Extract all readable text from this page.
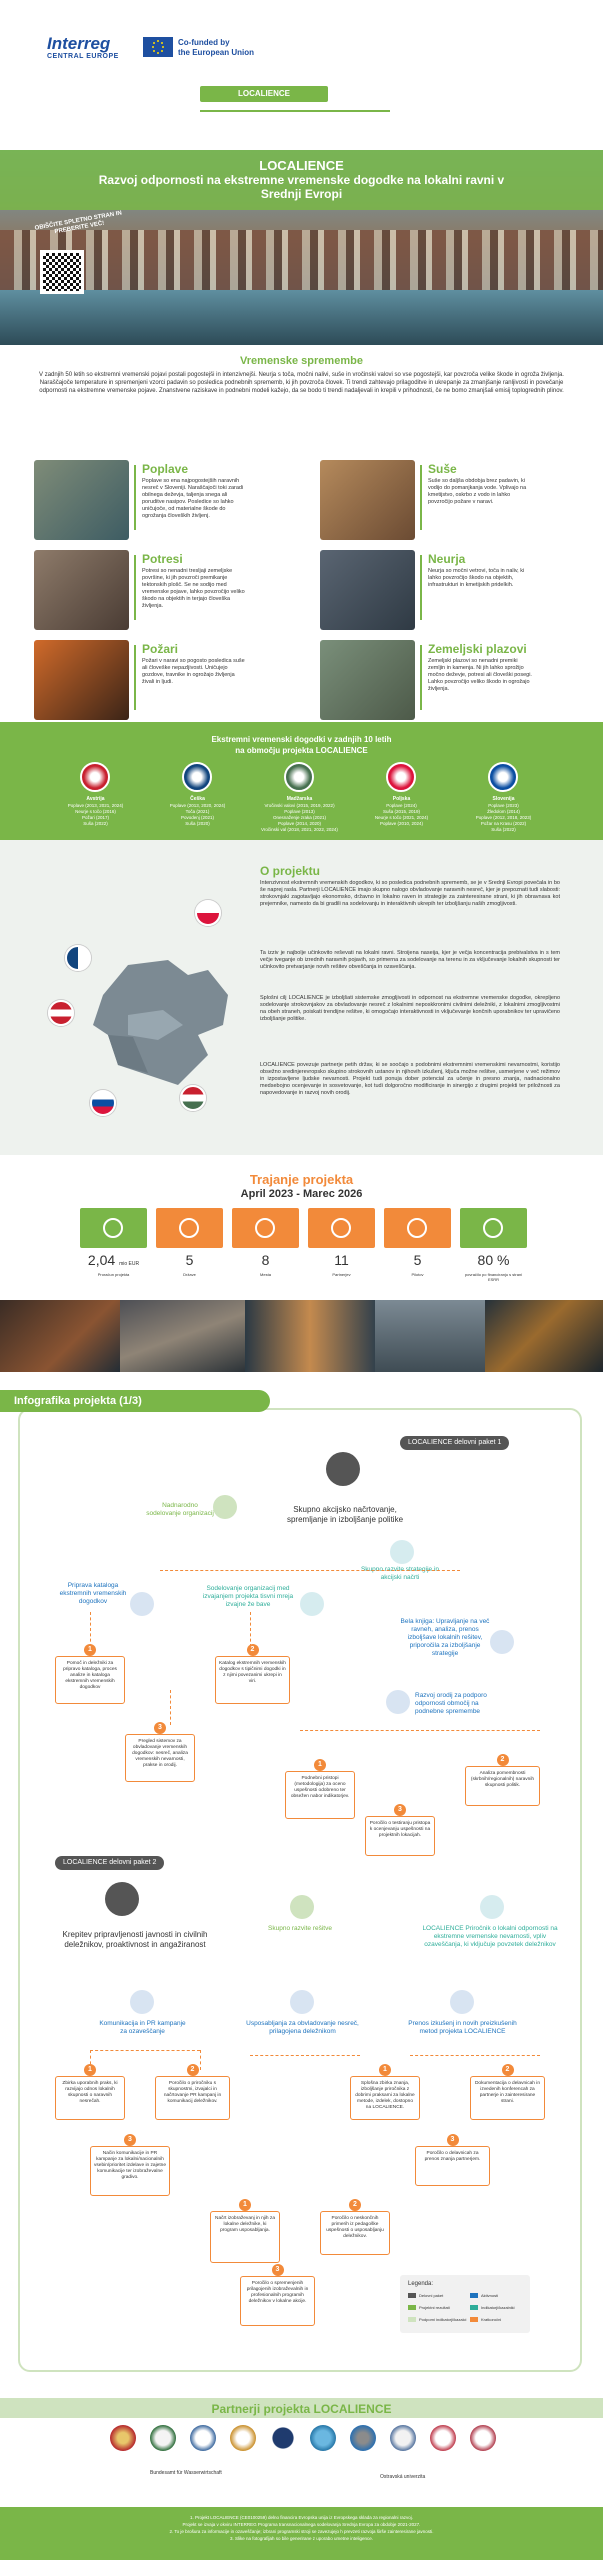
Interreg
CENTRAL EUROPE
Co-funded by
the European Union
LOCALIENCE
LOCALIENCE
Razvoj odpornosti na ekstremne vremenske dogodke na lokalni ravni v Srednji Evropi
OBIŠČITE SPLETNO STRAN IN PREBERITE VEČ!
Vremenske spremembe
V zadnjih 50 letih so ekstremni vremenski pojavi postali pogostejši in intenzivnejši. Neurja s toča, močni nalivi, suše in vročinski valovi so vse pogostejši, kar povzroča velike škode in ogroža življenja. Naraščajoče temperature in spremenjeni vzorci padavin so posledica podnebnih sprememb, ki jih povzroča človek. Ti trendi zahtevajo prilagoditve in ukrepanje za zmanjšanje ranljivosti in povečanje odpornosti na ekstremne vremenske pojave. Znanstvene raziskave in podnebni modeli kažejo, da se bodo ti trendi nadaljevali in krepili v prihodnosti, če ne bomo zmanjšali emisij toplogrednih plinov.
Poplave
Poplave so ena najpogostejših naravnih nesreč v Sloveniji. Naraščajoči toki zaradi obilnega deževja, taljenja snega ali poruditve nasipov. Posledice so lahko uničujoče, od materialne škode do ogrožanja človeških življenj.
Suše
Suše so daljša obdobja brez padavin, ki vodijo do pomanjkanja vode. Vplivajo na kmetijstvo, oskrbo z vodo in lahko povzročijo požare v naravi.
Potresi
Potresi so nenadni tresljaji zemeljske površine, ki jih povzroči premikanje tektonskih plošč. Se ne sodijo med vremenske pojave, lahko povzročijo veliko škodo na objektih in terjajo človeška življenja.
Neurja
Neurja so močni vetrovi, toča in naliv, ki lahko povzročijo škodo na objektih, infrastrukturi in kmetijskih pridelkih.
Požari
Požari v naravi so pogosto posledica suše ali človeške nepazljivosti. Uničujejo gozdove, travnike in ogrožajo življenja živali in ljudi.
Zemeljski plazovi
Zemeljski plazovi so nenadni premiki zemljin in kamenja. Ni jih lahko sprožijo močno deževje, potresi ali človeški posegi. Lahko povzročijo veliko škodo in ogrožajo življenja.
Ekstremni vremenski dogodki v zadnjih 10 letih
na območju projekta LOCALIENCE
Avstrija
Poplave (2013, 2021, 2024)
Neurje s točo (2016)
Požari (2017)
Suša (2022)
Češka
Poplave (2013, 2020, 2024)
Toča (2021)
Povodenj (2021)
Suša (2020)
Madžarska
Vročinski valovi (2015, 2019, 2022)
Poplave (2013)
Onesnaženje zraka (2021)
Poplave (2014, 2020)
Vročinski val (2018, 2021, 2022, 2024)
Poljska
Poplave (2024)
Suša (2015, 2019)
Neurje s točo (2021, 2024)
Poplave (2010, 2024)
Slovenija
Poplave (2023)
Žledolom (2014)
Poplave (2012, 2018, 2023)
Požar na Krasu (2022)
Suša (2022)
O projektu
Intenzivnost ekstremnih vremenskih dogodkov, ki so posledica podnebnih sprememb, se je v Srednji Evropi povečala in bo še naprej rasla. Partnerji LOCALIENCE imajo skupno nalogo obvladovanje naravnih nesreč, kjer je prepoznati tudi slabosti: strokovnjaki zagotavljajo ekonomsko, državno in lokalno raven in strategije za zainteresirane strani, ki jih obravnava kot prejemnike, namesto da bi gradili na sodelovanju in interaktivnih ukrepih ter izboljšanju naših zmogljivosti.
Ta izziv je najbolje učinkovito reševati na lokalni ravni. Stroijena naseija, kjer je večja koncentracija prebivalstva in s tem večje tveganje ob izrednih naravnih pojavih, so primerna za sodelovanje na terenu in za vključevanje lokalnih skupnosti ter učinkovito pretvarjanje novih rešitev obveščanja in ozaveščanja.
Splošni cilj LOCALIENCE je izboljšati sistemske zmogljivosti in odpornost na ekstremne vremenske dogodke, okrepljeno sodelovanje strokovnjakov za obvladovanje nesreč z lokalnimi neposkkronimi civilnimi deležniki, z lokalnimi zmogljivostmi na obeh straneh, poiskati trendijne rešitve, ki omogočajo interaktivnosti in vključevanje končnih uporabnikov ter upravičeno izboljšanje politike.
LOCALIENCE povezuje partnerje petih držav, ki se soočajo s podobnimi ekstremnimi vremenskimi nevarnostmi, koristijo obsežno sredinjerevropsko skupino strokovnih ustanov in njihovih izkušenj, ključa možne rešitve, usmerjene v več režimov in izpostavljene ljudske nevarnosti. Projekt tudi ponuja dober potencial za učenje in presno znanja, nadnacionalno medsebojno ocenjevanje in sosvetovanje, kot tudi dolgoročno modificiranje in sinergijo z drugimi projekti ter priložnosti za napovedovanje in razvoj novih orodij.
Trajanje projekta
April 2023 - Marec 2026
2,04 mio EUR
Proračun projekta
5
Države
8
Mesta
11
Partnerjev
5
Pilotov
80 %
povračilo po financiranju s strani ESRR
Infografika projekta (1/3)
LOCALIENCE delovni paket 1
Skupno akcijsko načrtovanje, spremljanje in izboljšanje politike
Nadnarodno sodelovanje organizacij
Skupno razvite strategije in akcijski načrti
Priprava kataloga ekstremnih vremenskih dogodkov
Sodelovanje organizacij med izvajanjem projekta tisvni mreja izvajne že bave
Bela knjiga: Upravljanje na več ravneh, analiza, prenos izboljšave lokalnih rešitev, priporočila za izboljšanje strategije
Razvoj orodij za podporo odpornosti območij na podnebne spremembe
1
Pomoč in deležniki za pripravo kataloga, proces analize in kataloga ekstremnih vremenskih dogodkov
2
Katalog ekstremnih vremenskih dogodkov s tipičnimi dogodki in z njimi povezanimi ukrepi in viri.
3
Pregled sistemov za obvladovanje vremenskih dogodkov: nesreč, analiza vremenskih nevarnosti, prakse in orodij.	1
Podnebni pristopi (metodologija) za oceno uspešnosti odobreno ter obsežen nabor indikatorjev.
2
Analiza pomembnosti (skrbnih/regionalnih) naravnih skupnosti politik.
3
Poročilo o testiranju pristopa k ocenjevanju uspešnosti na projektnih lokacijah.
LOCALIENCE delovni paket 2
Krepitev pripravljenosti javnosti in civilnih deležnikov, proaktivnost in angažiranost
Skupno razvite rešitve	LOCALIENCE Priročnik o lokalni odpornosti na ekstremne vremenske nevarnosti, vpliv ozaveščanja, ki vključuje povzetek deležnikov
Komunikacija in PR kampanje za ozaveščanje
Usposabljanja za obvladovanje nesreč, prilagojena deležnikom
Prenos izkušenj in novih preizkušenih metod projekta LOCALIENCE
1
Zbirka uporabnih praks, ki razvijajo odnos lokalnih skupnosti o naravnih nesrečah.
2
Poročilo o priročniku s skupnostmi, izvajalci in načrtovanje PR kampanj in komunikacij deležnikov.
3
Način komunikacije in PR kampanje za lokalni/nacionalnih vsebin/prioritet izdelave in zajetne komunikacije ter izobraževalne gradivo.
1
Načrt izobraževanj in njih za lokalne deležnike, ki program usposabljanja.
2
Poročilo o neskončnih primerih iz pedagoške uspešnosti o usposabljanju deležnikov.
3
Poročilo o spremenjenih prilagojenih izobraževalnih in profesionalnih programih deležnikov v lokalne akcije.
1
Splošna zbirka znanja, izboljšanje priročnika z dobrimi praksami za lokalne metode, izdelek, dostopno na LOCALIENCE.
2
Dokumentacija o delavnicah in izvedenih konferencah za partnerje in zainteresirane strani.
3
Poročilo o delavnicah za prenos znanja partnerjem.
Legenda:
Delovni paket	Aktivnosti
Projektni rezultati	Indikatorji/kazalniki
Podporni indikatorji/kazalci	Kratkoročni
Partnerji projekta LOCALIENCE
Bundesamt für Wasserwirtschaft
Ostravská univerzita
1. Projekt LOCALIENCE (CE0100259) delno financira Evropska unija iz Evropskega sklada za regionalni razvoj.
Projekt se izvaja v okviru INTERREG Programa transnacionalnega sodelovanja Srednja Evropa za obdobje 2021-2027.
2. To je brošura za informacije in ozaveščanje; izbrani programski stroji se zavezujejo h prevzeti razvoja širše zainteresirane javnosti.
3. Slike na fotografijah so bile generirane z uporabo umetne inteligence.
